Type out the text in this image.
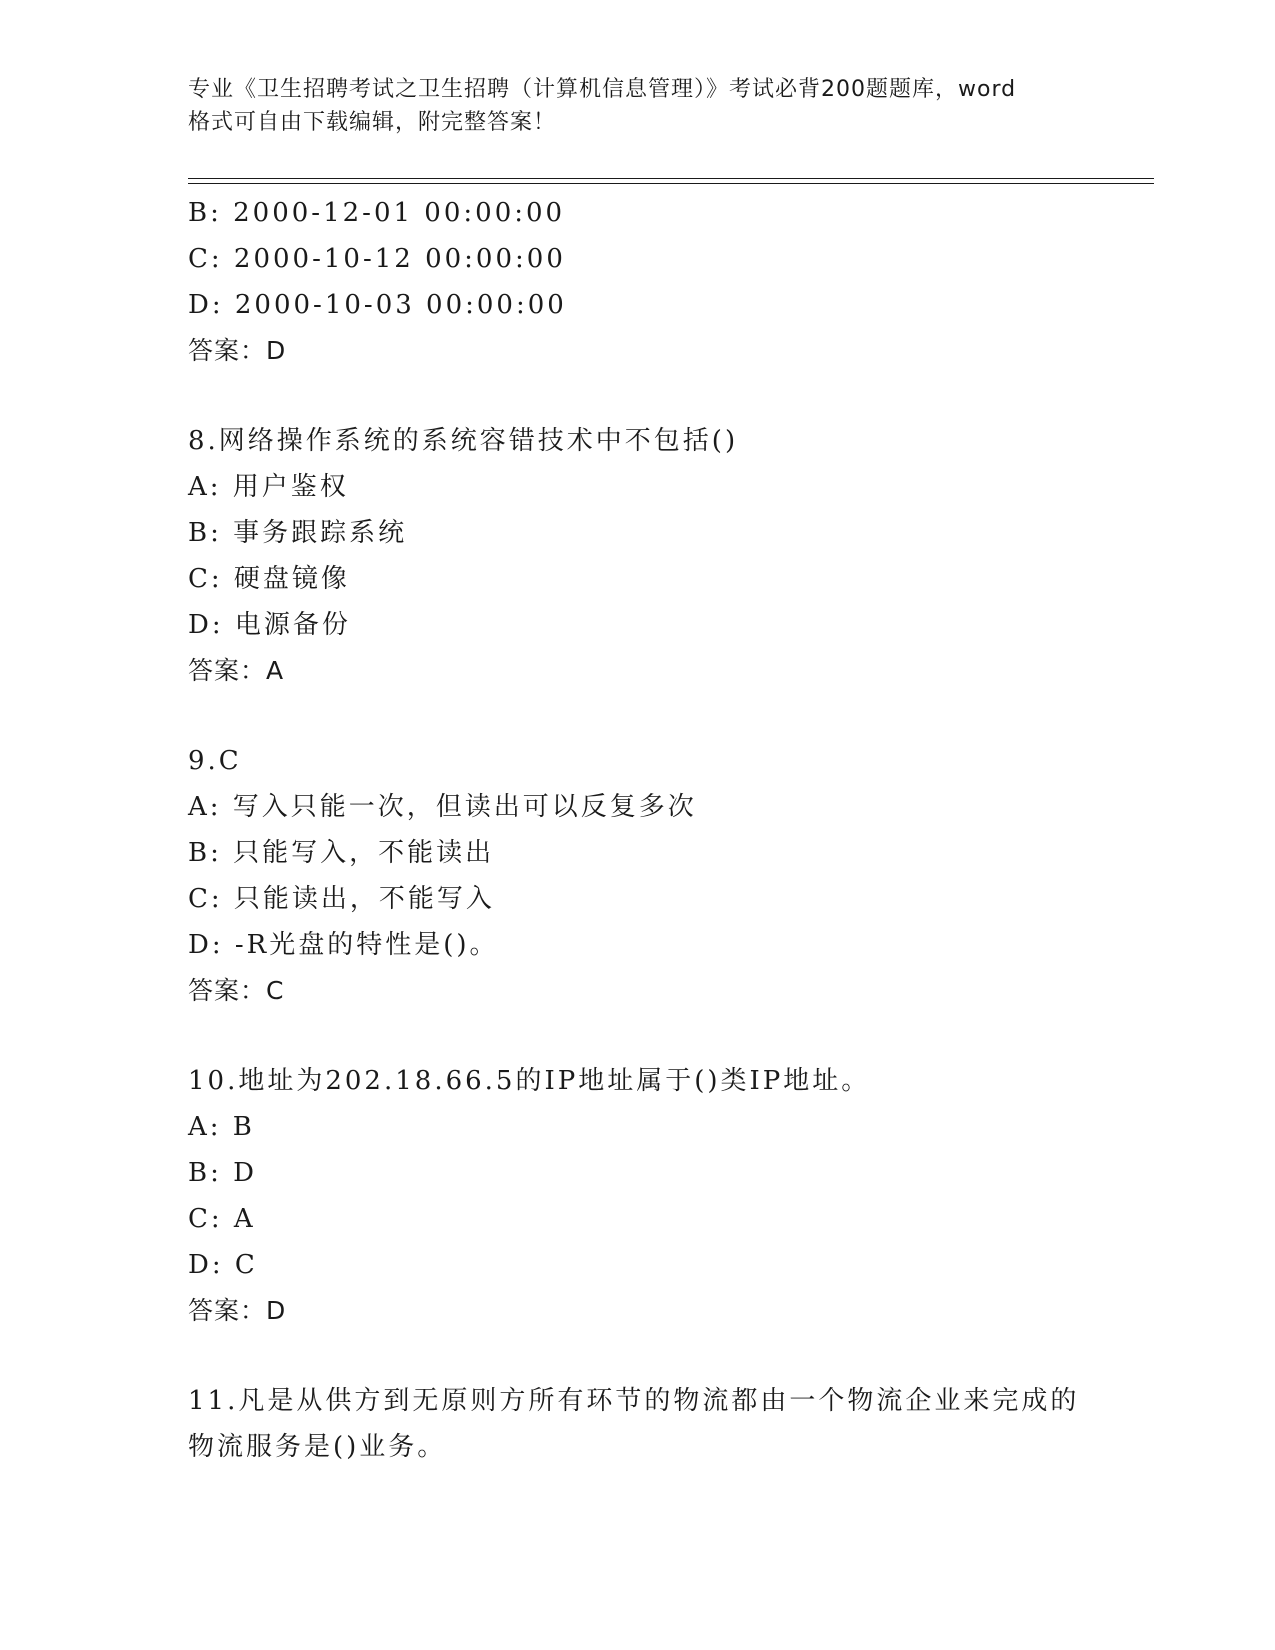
专业《卫生招聘考试之卫生招聘（计算机信息管理）》考试必背200题题库，word
格式可自由下载编辑，附完整答案！
B: 2000-12-01 00:00:00
C: 2000-10-12 00:00:00
D: 2000-10-03 00:00:00
答案：D
8.网络操作系统的系统容错技术中不包括()
A: 用户鉴权
B: 事务跟踪系统
C: 硬盘镜像
D: 电源备份
答案：A
9.C
A: 写入只能一次，但读出可以反复多次
B: 只能写入，不能读出
C: 只能读出，不能写入
D: -R光盘的特性是()。
答案：C
10.地址为202.18.66.5的IP地址属于()类IP地址。
A: B
B: D
C: A
D: C
答案：D
11.凡是从供方到无原则方所有环节的物流都由一个物流企业来完成的
物流服务是()业务。
